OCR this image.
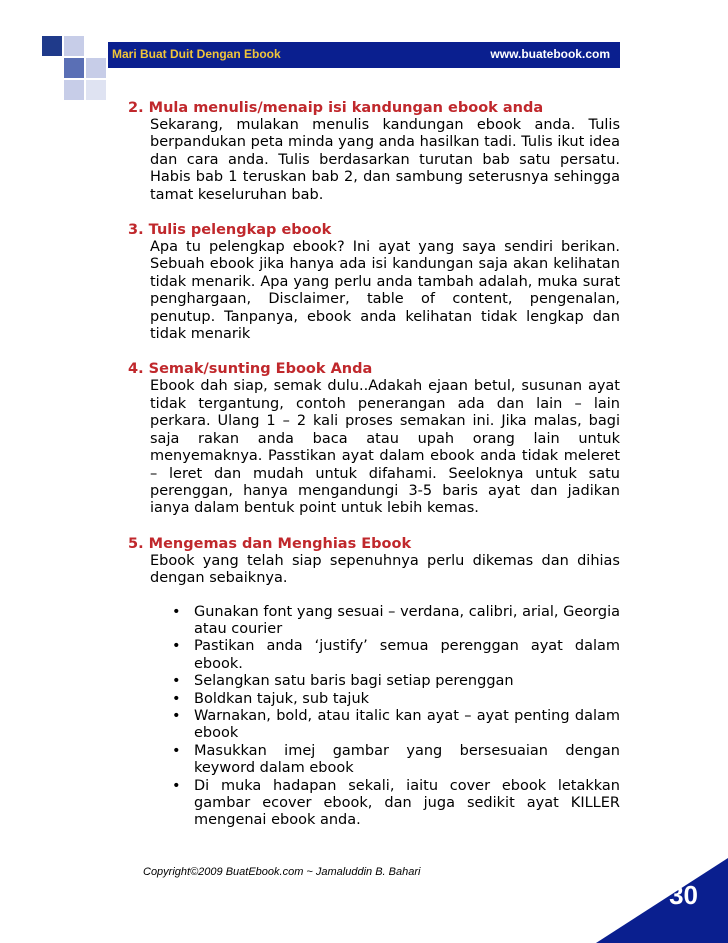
Mari Buat Duit Dengan Ebook	www.buatebook.com
2. Mula menulis/menaip isi kandungan ebook anda
Sekarang, mulakan menulis kandungan ebook anda. Tulis berpandukan peta minda yang anda hasilkan tadi. Tulis ikut idea dan cara anda. Tulis berdasarkan turutan bab satu persatu. Habis bab 1 teruskan bab 2, dan sambung seterusnya sehingga tamat keseluruhan bab.
3. Tulis pelengkap ebook
Apa tu pelengkap ebook? Ini ayat yang saya sendiri berikan. Sebuah ebook jika hanya ada isi kandungan saja akan kelihatan tidak menarik. Apa yang perlu anda tambah adalah, muka surat penghargaan, Disclaimer, table of content, pengenalan, penutup. Tanpanya, ebook anda kelihatan tidak lengkap dan tidak menarik
4. Semak/sunting Ebook Anda
Ebook dah siap, semak dulu..Adakah ejaan betul, susunan ayat tidak tergantung, contoh penerangan ada dan lain – lain perkara. Ulang 1 – 2 kali proses semakan ini. Jika malas, bagi saja rakan anda baca atau upah orang lain untuk menyemaknya. Passtikan ayat dalam ebook anda tidak meleret – leret dan mudah untuk difahami. Seeloknya untuk satu perenggan, hanya mengandungi 3-5 baris ayat dan jadikan ianya dalam bentuk point untuk lebih kemas.
5. Mengemas dan Menghias Ebook
Ebook yang telah siap sepenuhnya perlu dikemas dan dihias dengan sebaiknya.
• Gunakan font yang sesuai – verdana, calibri, arial, Georgia atau courier
• Pastikan anda ‘justify’ semua perenggan ayat dalam ebook.
• Selangkan satu baris bagi setiap perenggan
• Boldkan tajuk, sub tajuk
• Warnakan, bold, atau italic kan ayat – ayat penting dalam ebook
• Masukkan imej gambar yang bersesuaian dengan keyword dalam ebook
• Di muka hadapan sekali, iaitu cover ebook letakkan gambar ecover ebook, dan juga sedikit ayat KILLER mengenai ebook anda.
Copyright©2009 BuatEbook.com ~ Jamaluddin B. Bahari
30
